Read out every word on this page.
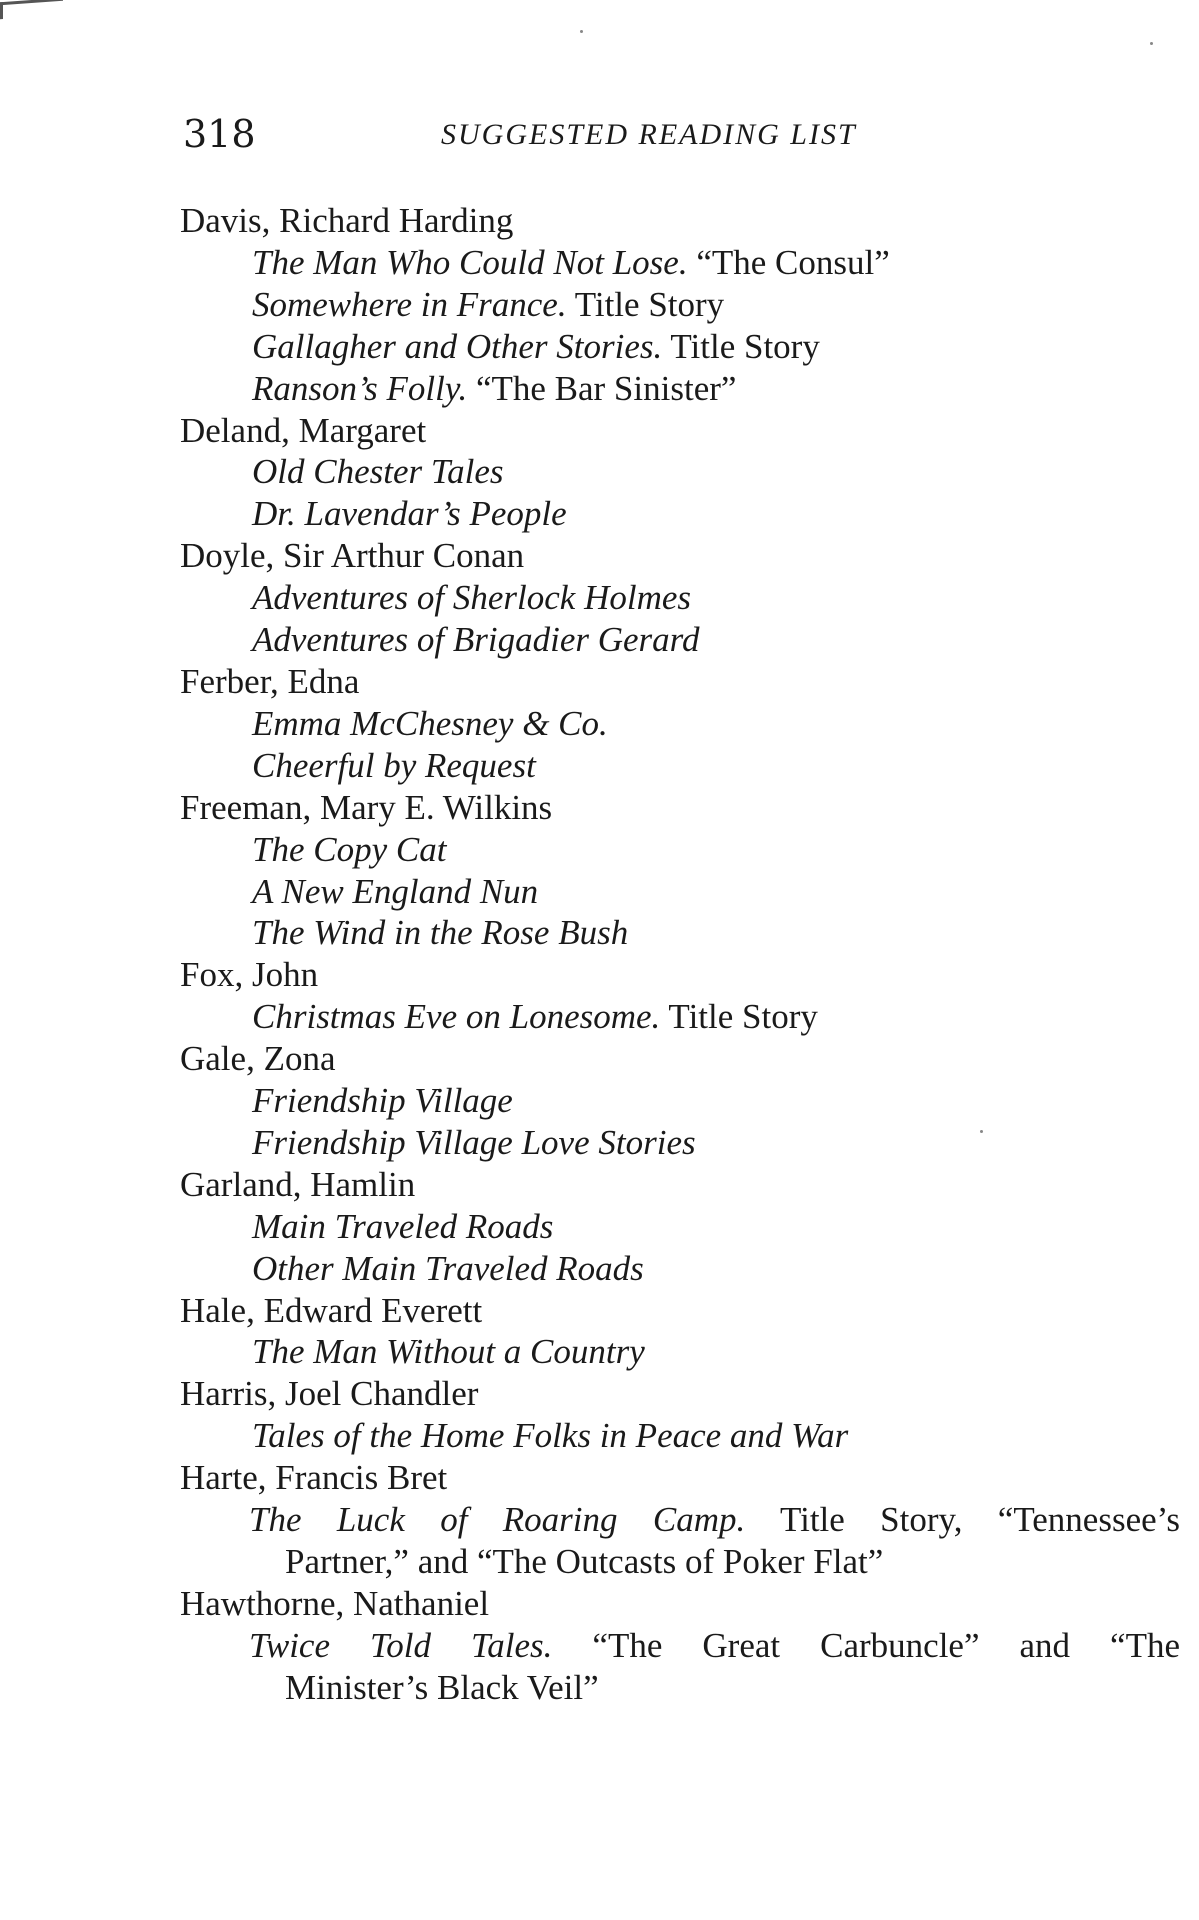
318	SUGGESTED READING LIST
Davis, Richard Harding
The Man Who Could Not Lose. “The Consul”
Somewhere in France. Title Story
Gallagher and Other Stories. Title Story
Ranson’s Folly. “The Bar Sinister”
Deland, Margaret
Old Chester Tales
Dr. Lavendar’s People
Doyle, Sir Arthur Conan
Adventures of Sherlock Holmes
Adventures of Brigadier Gerard
Ferber, Edna
Emma McChesney & Co.
Cheerful by Request
Freeman, Mary E. Wilkins
The Copy Cat
A New England Nun
The Wind in the Rose Bush
Fox, John
Christmas Eve on Lonesome. Title Story
Gale, Zona
Friendship Village
Friendship Village Love Stories
Garland, Hamlin
Main Traveled Roads
Other Main Traveled Roads
Hale, Edward Everett
The Man Without a Country
Harris, Joel Chandler
Tales of the Home Folks in Peace and War
Harte, Francis Bret
The Luck of Roaring Camp. Title Story, “Tennessee’s
Partner,” and “The Outcasts of Poker Flat”
Hawthorne, Nathaniel
Twice Told Tales. “The Great Carbuncle” and “The
Minister’s Black Veil”
